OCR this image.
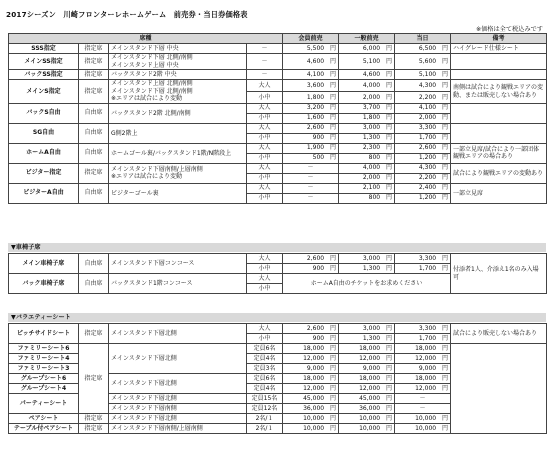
2017シーズン　川崎フロンターレホームゲーム　前売券・当日券価格表
※価格は全て税込みです
席種				会員前売	一般前売	当日	備考
SSS指定	指定席	メインスタンド下層 中央	－	5,500 円	6,000 円	6,500 円	ハイグレード仕様シート
メインSS指定	指定席	メインスタンド下層 北側/南側
メインスタンド上層 中央	－	4,600 円	5,100 円	5,600 円	
バックSS指定	指定席	バックスタンド2階 中央	－	4,100 円	4,600 円	5,100 円	
メインS指定	指定席	メインスタンド上層 北側/南側
メインスタンド下層 北側/南側
※エリアは試合により変動	大人	3,600 円	4,000 円	4,300 円	南側は試合により観戦エリアの変動、または販売しない場合あり
			小中	1,800 円	2,000 円	2,200 円	
バックS自由	自由席	バックスタンド2階 北側/南側	大人	3,200 円	3,700 円	4,100 円	
			小中	1,600 円	1,800 円	2,000 円	
SG自由	自由席	G側2階上	大人	2,600 円	3,000 円	3,300 円	
			小中	900 円	1,300 円	1,700 円	
ホームA自由	自由席	ホームゴール裏/バックスタンド1階/N階段上	大人	1,900 円	2,300 円	2,600 円	一部立見席/試合により一部団体観戦エリアの場合あり
			小中	500 円	800 円	1,200 円	
ビジター指定	指定席	メインスタンド下層南側/上層南側
※エリアは試合により変動	大人	－	4,000 円	4,300 円	試合により観戦エリアの変動あり
			小中	－	2,000 円	2,200 円	
ビジターA自由	自由席	ビジターゴール裏	大人	－	2,100 円	2,400 円	一部立見席
			小中	－	800 円	1,200 円	
▼車椅子席
メイン車椅子席	自由席	メインスタンド下層コンコース	大人	2,600 円	3,000 円	3,300 円	付添者1人、介添え1名のみ入場可
			小中	900 円	1,300 円	1,700 円	
バック車椅子席	自由席	バックスタンド1階コンコース	大人	ホームA自由のチケットをお求めください			
			小中				
▼バラエティーシート
ピッチサイドシート	指定席	メインスタンド下層北側	大人	2,600 円	3,000 円	3,300 円	試合により販売しない場合あり
			小中	900 円	1,300 円	1,700 円	
ファミリーシート6	指定席	メインスタンド下層北側	定員6名	18,000 円	18,000 円	18,000 円	
ファミリーシート4			定員4名	12,000 円	12,000 円	12,000 円	
ファミリーシート3			定員3名	9,000 円	9,000 円	9,000 円	
グループシート6		メインスタンド下層北側	定員6名	18,000 円	18,000 円	18,000 円	
グループシート4			定員4名	12,000 円	12,000 円	12,000 円	
パーティーシート		メインスタンド下層北側	定員15名	45,000 円	45,000 円	－	
		メインスタンド下層南側	定員12名	36,000 円	36,000 円	－	
ペアシート	指定席	メインスタンド下層北側	2名/１	10,000 円	10,000 円	10,000 円	
テーブル付ペアシート	指定席	メインスタンド下層南側/上層南側	2名/１	10,000 円	10,000 円	10,000 円	
